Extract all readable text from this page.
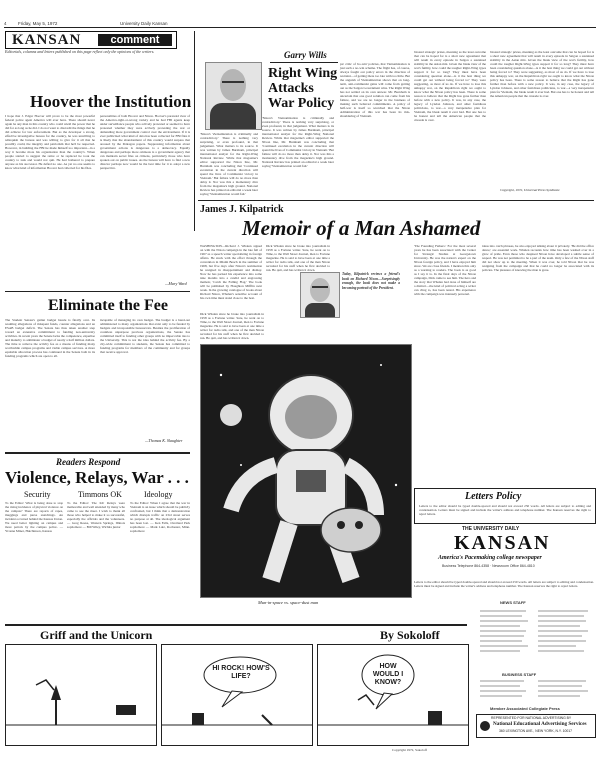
4	Friday, May 5, 1972	University Daily Kansan
KANSAN	comment
Editorials, columns and letters published on this page reflect only the opinions of the writers.
Hoover the Institution
I hope that J. Edgar Hoover will prove to be the most powerful federal police agent America will ever have. There should never again be any man in this country who could wield the power that he did for as long as he did. I do not want to discredit the things that he did achieve for law enforcement. But as the developer a strong, effective investigative bureau for the country, he was unwilling to relinquish the bureau and was willing to give for it all that he possibly could, the integrity and patriotism that he'd be respected. However, in building the FBI he made himself too important—in a way it became more his organization than the country's. When people started to suggest the retire or be replaced he took the country to task and would not quit. He had bothered to prepare anyone as his successor. He defied no one. As yet no one seems to know what kind of information Hoover had collected for his files.
personalities of both Hoover and Nixon. Hoover's paranoid view of the America-right-or-wrong variety and he had FBI agents keep under surveillance people who actively protested or seemed to have protested whether they were actively protesting the war or demanding more government control over the environment. If it is ever publicized what kind of data has been collected for FBI files it is likely that the abandonment of this country would surpass that aroused by the Pentagon papers. Suppressing information about government actions is dangerous to a democracy. Equally dangerous and perhaps more ominous is a government agency that can maintain secret files on citizens, particularly those who have spoken out on public issues. As the bureau will have to find a new director perhaps now would be the best time for it to adopt a new perspective.
—Mary Ward
Eliminate the Fee
The Student Senate's gamut budget hassle is finally over. Its resulting allegations of misspent funds, counter allegations and an ESAB budget deficit. The Senate has thus taken another step toward an extensive commitment to funding non-university activities. In recent years the Senate lacks the competence, expertise and maturity to administer a budget of nearly a half million dollars. The time to remove the activity fee as a means of funding many worthwhile campus programs and viable campus services. A more equitable allocation process has continued in the Senate both in its funding programs which are open to all.
incapable of managing its own budget. The budget is a hand-out administered to many organizations that exist only to be funded by budgets and irresponsible bureaucrats. Besides the proliferation of countless unpurpose previous organizations, the Senate has committed itself to funding other groups with no impeccable ties to the University. This is not the idea behind the activity fee. By a city-wide commitment to students, the Senate has committed to funding programs for members of the community and for groups that receive approval.
—Thomas K. Slaughter
Readers Respond
Violence, Relays, War . . .
Security	Timmons OK	Ideology
To the Editor: What is being done to stop the rising incidence of physical violence on the campus? There are reports of rapes, muggings and purse snatchings. An incident occurred behind the Kansas Union. We need better lighting on campus and more patrols by the campus police. — Yvonne Miner, Hutchinson, Kansas
To the Editor: The KU Relays were memorable and well attended by many who came to see the meet. I wish to thank all those who helped to make it so successful, especially the officials and the volunteers. — Greg Reese, Western Springs, Illinois sophomore — Bill Wiley, Wichita junior
To the Editor: When I agree that the war in Vietnam is an issue which should be publicly confronted, but I think that a demonstration which disrupts traffic on 23rd street serves no purpose at all. The ideological argument has been lost. — Ken Fells, Overland Park sophomore — Mark Lutz, Rochester, Minn. sophomore
Garry Wills
Right Wing
Attacks
War Policy
'Nixon's Vietnamization is criminally and contradictory.' There is nothing very surprising, or even profound, in that judgement. What matters is its source. It was written by James Burnham, principal international analyst for the Right-Wing National Review. While that magazine's editor supported the Nixon line, Mr. Burnham was concluding that 'Continued escalation in the current direction will spend the lives of Communist victory in Vietnam.' But failure will do no more than delay it. Nor was this a momentary dive from the magazine's high ground. National Review has printed an editorial a week later saying 'Vietnamization would fail.'
'Nixon's Vietnamization is criminally and contradictory.' There is nothing very surprising, or even profound, in that judgement. What matters is its source. It was written by James Burnham, principal international analyst for the Right-Wing National Review. While that magazine's editor supported the Nixon line, Mr. Burnham was concluding that 'Continued escalation in the current direction will spend the lives of Communist victory in Vietnam.' But failure will do no more than delay it. Nor was this a momentary dive from the magazine's high ground. National Review has printed an editorial a week later saying 'Vietnamization would fail.'
pic critic of 'no-win' policies, that Vietnamization is just such a no-win scheme. The flight has, of course, always fought our policy errors in the direction of restraint—of getting there too late with too little. But the anguish of Vietnamization shows that on long-term, anti-communist gains will come from getting out as the Saigon Government wins. The Right Wing has not settled on its own answer. Mr. Burnham is uncertain that one good solution can come from his failure, and we are no longer in the business of making such believed commitments. A policy of half-war is itself so wretched that the Nixon Administration of this war has been its mis-shouldering of Vietnam.
bloated strategic prizes, meaning as the least outcome that can be hoped for is a short new agreement that will result in every episode in Saigon a sustained stability in the Asian mix. Given the bleak view of the war's futility, how could the tougher Right-Wing types support it for so long? They must have been considering question alone—is it the best thing we could get out without being forced to? They were suggesting, as most of us do. If we have to lose this unhappy war, on the Republican right we ought to know what the Nixon policy has been. There is some reason to believe that the Right has gone further than before with a new policy. It was, in any case, the legacy of Lyndon Johnson, and other fastidious politicians, to war—a very inexpensive plan for Vietnam, the bleak result it ever had. But one has to be honest and tell the American people that the crusade is over.
bloated strategic prizes, meaning as the least outcome that can be hoped for is a short new agreement that will result in every episode in Saigon a sustained stability in the Asian mix. Given the bleak view of the war's futility, how could the tougher Right-Wing types support it for so long? They must have been considering question alone—is it the best thing we could get out without being forced to? They were suggesting, as most of us do. If we have to lose this unhappy war, on the Republican right we ought to know what the Nixon policy has been. There is some reason to believe that the Right has gone further than before with a new policy. It was, in any case, the legacy of Lyndon Johnson, and other fastidious politicians, to war—a very inexpensive plan for Vietnam, the bleak result it ever had. But one has to be honest and tell the American people that the crusade is over.
Copyright, 1972, Universal Press Syndicate
James J. Kilpatrick
Memoir of a Man Ashamed
WASHINGTON—Richard J. Whalen signed on with the Nixon campaign in the late fall of 1967 as a speech writer specializing in foreign affairs. He stuck with the effort through the convention in Miami Beach in the summer of 1968, but five days after Nixon's nomination he resigned in disappointment and dismay. Now he has packed his experience into some nine months into a candid and engrossing memoir, 'Catch the Falling Flag.' The book will be published by Houghton Mifflin next week. In the growing catalogue of books about Richard Nixon, Whalen's sensitive account of his own time must stand close to the best.
Dick Whalen since he broke into journalism in 1958 as a Fortune writer. Sure, he went on to Time, to the Wall Street Journal, then to Fortune magazine. He is said to have been at one time a writer for radio talk, and one of the men Nixon recruited for his staff when he first decided to run. He quit, and has written it down.
Today, Kilpatrick reviews a friend's book on Richard Nixon—Surprisingly enough, the book does not make a becoming portrait of the President.
Dick Whalen since he broke into journalism in 1958 as a Fortune writer. Sure, he went on to Time, to the Wall Street Journal, then to Fortune magazine. He is said to have been at one time a writer for radio talk, and one of the men Nixon recruited for his staff when he first decided to run. He quit, and has written it down.
'The Founding Fathers.' For the most several years he has been associated with the Center for Strategic Studies at Georgetown University. He was the nation's expert on the Nixon foreign policy, and I have enjoyed him since. We are close friends. I mention this only as a warning to readers. The book is as good as I say it is. In the final days of the Nixon campaign, Dick came to see him. The hero and the story that Whalen had done of himself are a distinct—the kind of political acting a writer can cling to, has been tested. His experience with the campaign was intensely personal.
ideas into catch phrases, he also enjoyed talking about it privately. 'He did the office dance,' are essential work. Whalen recounts how time has been washed over in a glow of pride. Even those who despised Nixon have developed a subtle sense of respect. He was not permitted to be a part of the team. Only a few of the Nixon staff did not show up to the meeting. When it was over, he told Nixon that he was resigning from the campaign and that he could no longer be associated with its policies. The pleasure of knowing the man is gone.
Mun-in-space vs. space-dust man
Letters Policy
Letters to the editor should be typed double-spaced and should not exceed 250 words. All letters are subject to editing and condensation. Letters must be signed and include the writer's address and telephone number. The Kansan reserves the right to reject letters.
THE UNIVERSITY DAILY
KANSAN
America's Pacemaking college newspaper
Business Telephone 864-4358 · Newsroom Office 864-4810
Letters to the editor should be typed double-spaced and should not exceed 250 words. All letters are subject to editing and condensation. Letters must be signed and include the writer's address and telephone number. The Kansan reserves the right to reject letters.
NEWS STAFF
BUSINESS STAFF
Member Associated Collegiate Press
REPRESENTED FOR NATIONAL ADVERTISING BY
National Educational Advertising Services
360 LEXINGTON AVE., NEW YORK, N.Y. 10017
Griff and the Unicorn	By Sokoloff
HI ROCK! HOW'S LIFE?
HOW WOULD I KNOW?
Copyright 1972, Sokoloff
